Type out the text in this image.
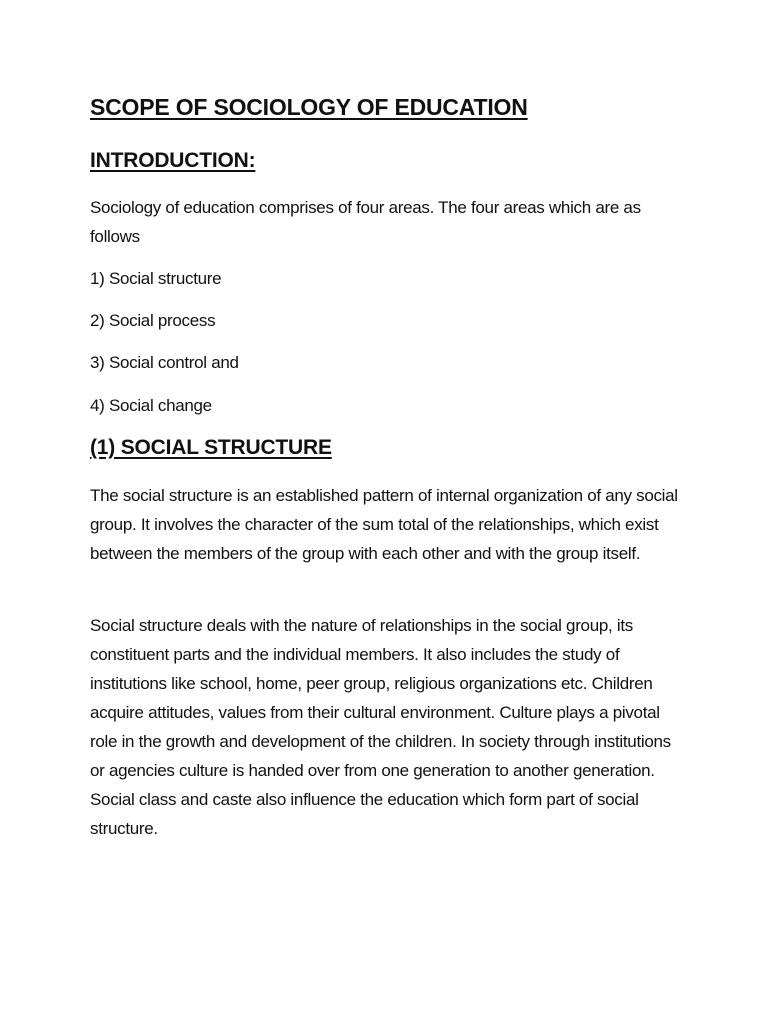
SCOPE OF SOCIOLOGY OF EDUCATION
INTRODUCTION:

Sociology of education comprises of four areas. The four areas which are as follows

1) Social structure

2) Social process

3) Social control and

4) Social change

(1) SOCIAL STRUCTURE

The social structure is an established pattern of internal organization of any social group. It involves the character of the sum total of the relationships, which exist between the members of the group with each other and with the group itself.

Social structure deals with the nature of relationships in the social group, its constituent parts and the individual members. It also includes the study of institutions like school, home, peer group, religious organizations etc. Children acquire attitudes, values from their cultural environment. Culture plays a pivotal role in the growth and development of the children. In society through institutions or agencies culture is handed over from one generation to another generation. Social class and caste also influence the education which form part of social structure.
